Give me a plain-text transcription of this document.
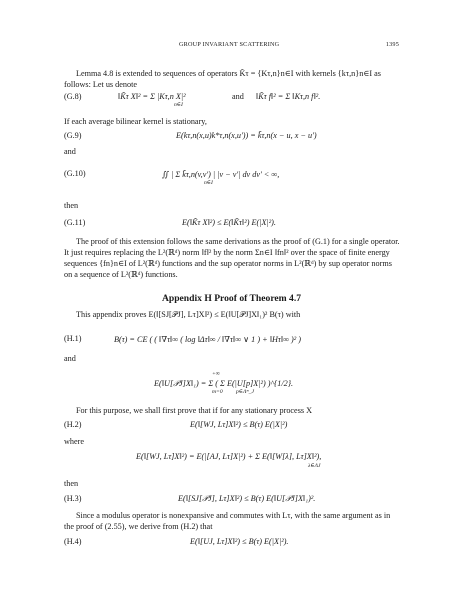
GROUP INVARIANT SCATTERING	1395
Lemma 4.8 is extended to sequences of operators K̃τ = {Kτ,n}n∈I with kernels {kτ,n}n∈I as follows: Let us denote
(G.8)	‖K̃τ X‖² = Σ |Kτ,n X|²	and ‖K̃τ f‖² = Σ ‖Kτ,n f‖².
n∈I
If each average bilinear kernel is stationary,
(G.9)	E(kτ,n(x,u)k*τ,n(x,u′)) = k̃τ,n(x − u, x − u′)
and
(G.10)	∬ | Σ k̃τ,n(v,v′) | |v − v′| dv dv′ < ∞,
n∈I
then
(G.11)	E(‖K̃τ X‖²) ≤ E(‖K̃τ‖²) E(|X|²).
The proof of this extension follows the same derivations as the proof of (G.1) for a single operator. It just requires replacing the L²(ℝᵈ) norm ‖f‖² by the norm Σn∈I ‖fn‖² over the space of finite energy sequences {fn}n∈I of L²(ℝᵈ) functions and the sup operator norms in L²(ℝᵈ) by sup operator norms on a sequence of L²(ℝᵈ) functions.
Appendix H Proof of Theorem 4.7
This appendix proves E(‖[SJ[𝒫J], Lτ]X‖²) ≤ E(‖U[𝒫J]X‖₁)² B(τ) with
(H.1)	B(τ) = CE ( ( ‖∇τ‖∞ ( log ‖Δτ‖∞ / ‖∇τ‖∞ ∨ 1 ) + ‖Hτ‖∞ )² )
and
+∞
E(‖U[𝒫J]X‖₁) = Σ ( Σ E(|U[p]X|²) )^{1/2}.
m=0 p∈Λᵐ_J
For this purpose, we shall first prove that if for any stationary process X
(H.2)	E(‖[WJ, Lτ]X‖²) ≤ B(τ) E(|X|²)
where
E(‖[WJ, Lτ]X‖²) = E(|[AJ, Lτ]X|²) + Σ E(‖[W[λ], Lτ]X‖²),
λ∈ΛJ
then
(H.3)	E(‖[SJ[𝒫J], Lτ]X‖²) ≤ B(τ) E(‖U[𝒫J]X‖₁)².
Since a modulus operator is nonexpansive and commutes with Lτ, with the same argument as in the proof of (2.55), we derive from (H.2) that
(H.4)	E(‖[UJ, Lτ]X‖²) ≤ B(τ) E(|X|²).
